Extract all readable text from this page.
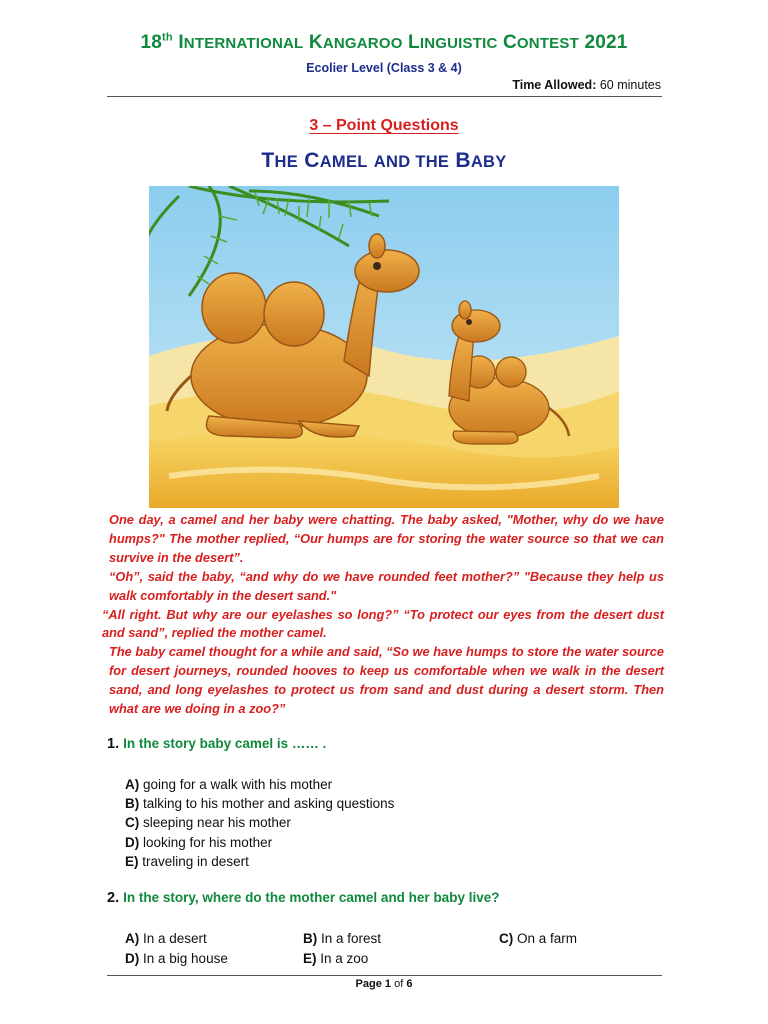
18th INTERNATIONAL KANGAROO LINGUISTIC CONTEST 2021
Ecolier Level (Class 3 & 4)
Time Allowed: 60 minutes
3 – Point Questions
THE CAMEL AND THE BABY

One day, a camel and her baby were chatting. The baby asked, "Mother, why do we have humps?" The mother replied, “Our humps are for storing the water source so that we can survive in the desert”.

“Oh”, said the baby, “and why do we have rounded feet mother?” "Because they help us walk comfortably in the desert sand."

“All right. But why are our eyelashes so long?” “To protect our eyes from the desert dust and sand”, replied the mother camel.

The baby camel thought for a while and said, “So we have humps to store the water source for desert journeys, rounded hooves to keep us comfortable when we walk in the desert sand, and long eyelashes to protect us from sand and dust during a desert storm. Then what are we doing in a zoo?”

1. In the story baby camel is …… .
A) going for a walk with his mother
B) talking to his mother and asking questions
C) sleeping near his mother
D) looking for his mother
E) traveling in desert
2. In the story, where do the mother camel and her baby live?
A) In a desert	B) In a forest	C) On a farm
D) In a big house	E) In a zoo
Page 1 of 6
